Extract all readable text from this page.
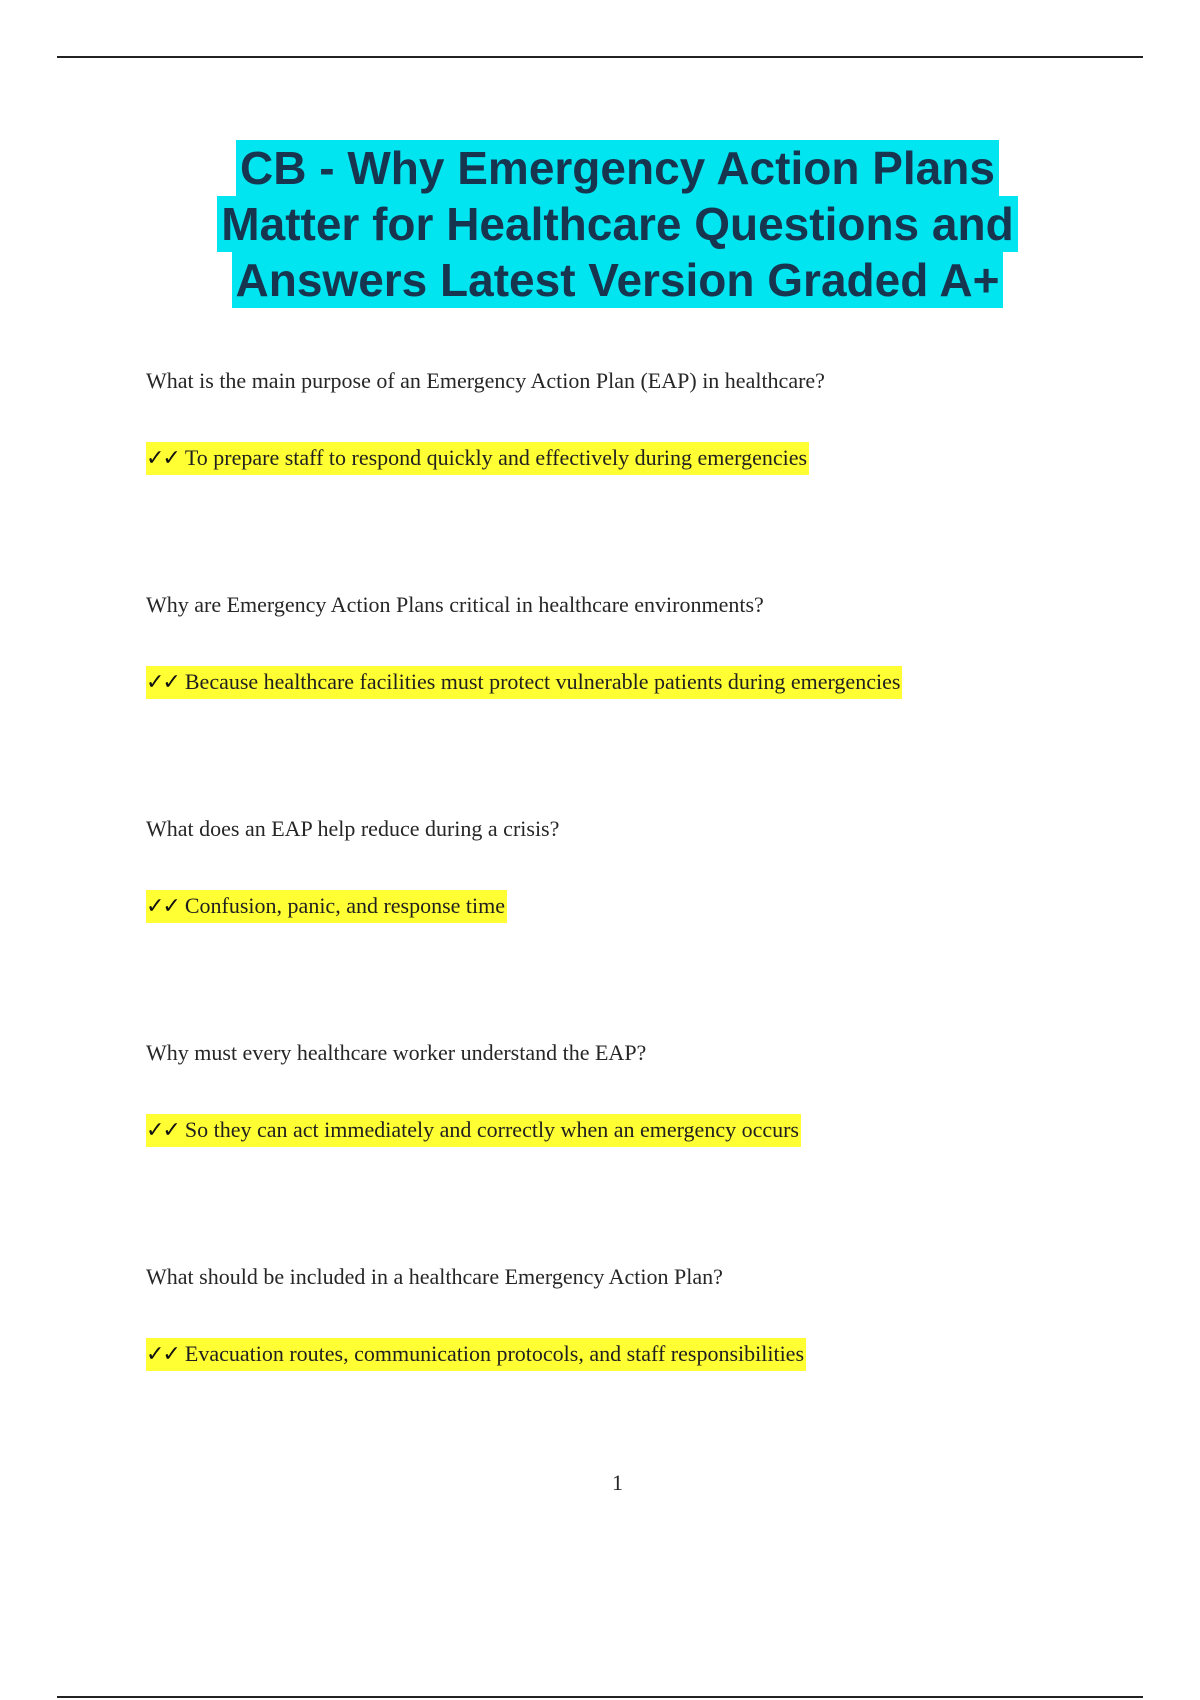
CB - Why Emergency Action Plans
Matter for Healthcare Questions and
Answers Latest Version Graded A+
What is the main purpose of an Emergency Action Plan (EAP) in healthcare?
✓✓ To prepare staff to respond quickly and effectively during emergencies
Why are Emergency Action Plans critical in healthcare environments?
✓✓ Because healthcare facilities must protect vulnerable patients during emergencies
What does an EAP help reduce during a crisis?
✓✓ Confusion, panic, and response time
Why must every healthcare worker understand the EAP?
✓✓ So they can act immediately and correctly when an emergency occurs
What should be included in a healthcare Emergency Action Plan?
✓✓ Evacuation routes, communication protocols, and staff responsibilities
1
